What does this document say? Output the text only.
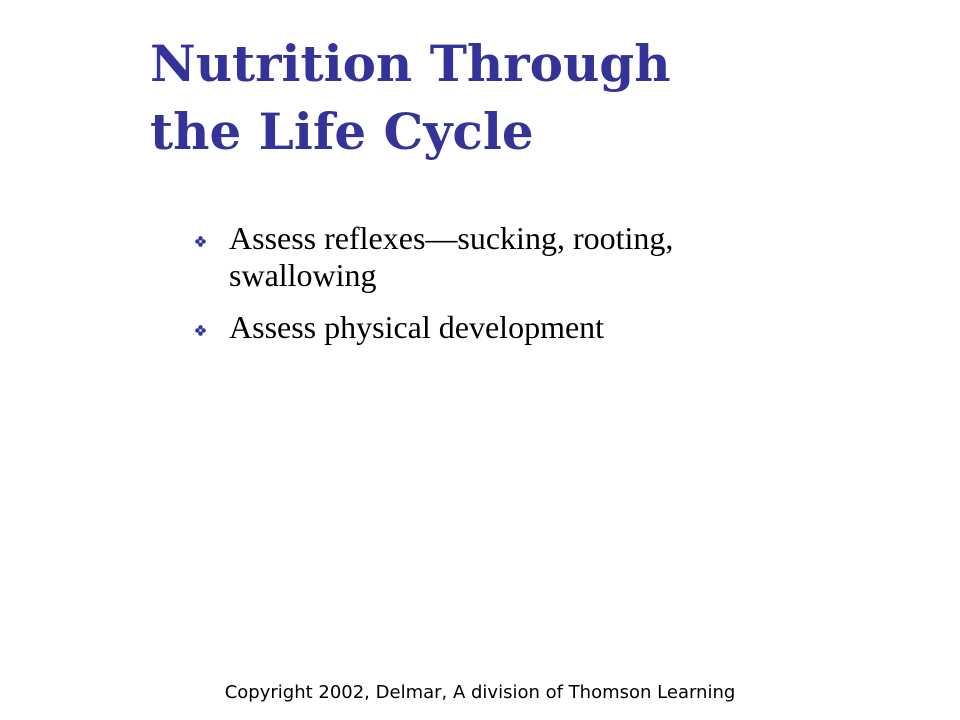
Nutrition Through
the Life Cycle
Assess reflexes—sucking, rooting, swallowing
Assess physical development

Copyright 2002, Delmar, A division of Thomson Learning
